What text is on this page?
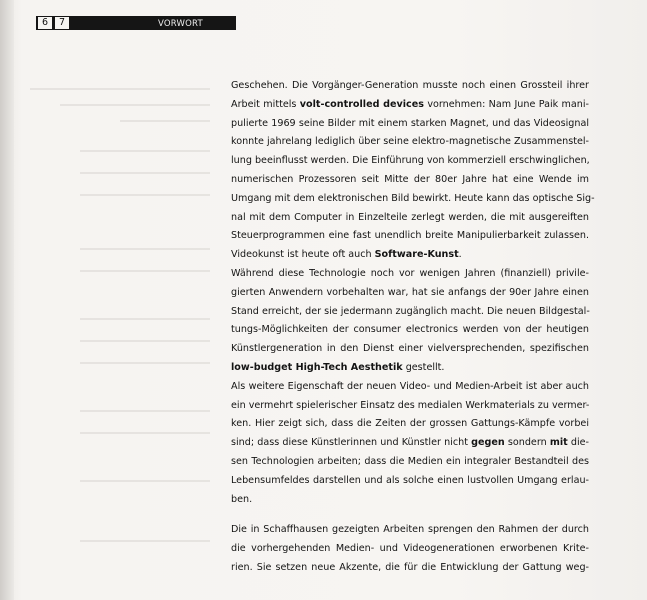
6	7	VORWORT
Geschehen. Die Vorgänger-Generation musste noch einen Grossteil ihrer
Arbeit mittels volt-controlled devices vornehmen: Nam June Paik mani-
pulierte 1969 seine Bilder mit einem starken Magnet, und das Videosignal
konnte jahrelang lediglich über seine elektro-magnetische Zusammenstel-
lung beeinflusst werden. Die Einführung von kommerziell erschwinglichen,
numerischen Prozessoren seit Mitte der 80er Jahre hat eine Wende im
Umgang mit dem elektronischen Bild bewirkt. Heute kann das optische Sig-
nal mit dem Computer in Einzelteile zerlegt werden, die mit ausgereiften
Steuerprogrammen eine fast unendlich breite Manipulierbarkeit zulassen.
Videokunst ist heute oft auch Software-Kunst.
Während diese Technologie noch vor wenigen Jahren (finanziell) privile-
gierten Anwendern vorbehalten war, hat sie anfangs der 90er Jahre einen
Stand erreicht, der sie jedermann zugänglich macht. Die neuen Bildgestal-
tungs-Möglichkeiten der consumer electronics werden von der heutigen
Künstlergeneration in den Dienst einer vielversprechenden, spezifischen
low-budget High-Tech Aesthetik gestellt.
Als weitere Eigenschaft der neuen Video- und Medien-Arbeit ist aber auch
ein vermehrt spielerischer Einsatz des medialen Werkmaterials zu vermer-
ken. Hier zeigt sich, dass die Zeiten der grossen Gattungs-Kämpfe vorbei
sind; dass diese Künstlerinnen und Künstler nicht gegen sondern mit die-
sen Technologien arbeiten; dass die Medien ein integraler Bestandteil des
Lebensumfeldes darstellen und als solche einen lustvollen Umgang erlau-
ben.
Die in Schaffhausen gezeigten Arbeiten sprengen den Rahmen der durch
die vorhergehenden Medien- und Videogenerationen erworbenen Krite-
rien. Sie setzen neue Akzente, die für die Entwicklung der Gattung weg-
